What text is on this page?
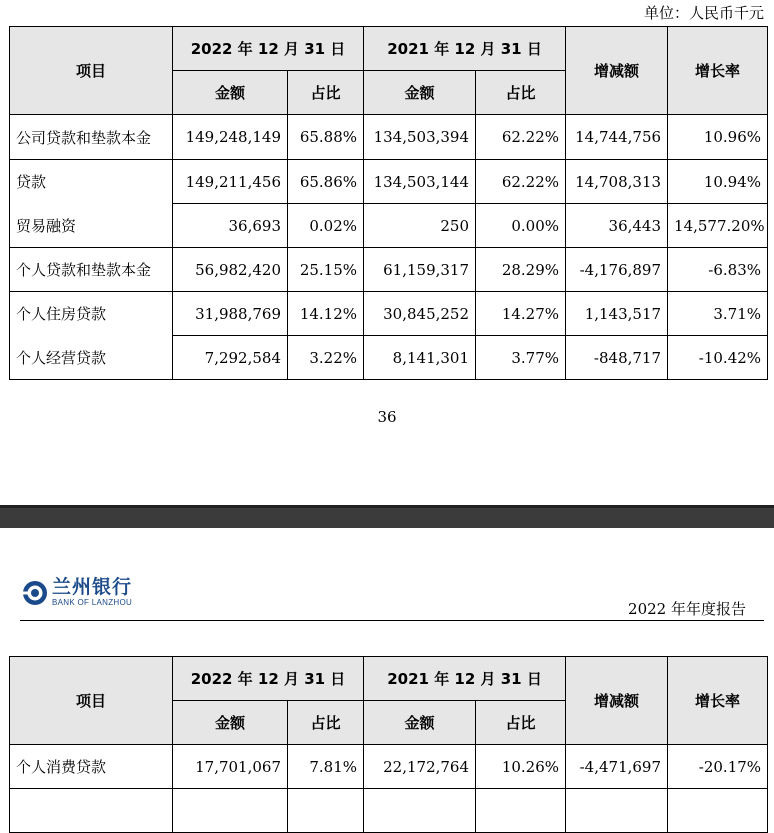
单位：人民币千元
项目	2022 年 12 月 31 日		2021 年 12 月 31 日		增减额	增长率
	金额	占比	金额	占比		
公司贷款和垫款本金	149,248,149	65.88%	134,503,394	62.22%	14,744,756	10.96%
贷款	149,211,456	65.86%	134,503,144	62.22%	14,708,313	10.94%
贸易融资	36,693	0.02%	250	0.00%	36,443	14,577.20%
个人贷款和垫款本金	56,982,420	25.15%	61,159,317	28.29%	-4,176,897	-6.83%
个人住房贷款	31,988,769	14.12%	30,845,252	14.27%	1,143,517	3.71%
个人经营贷款	7,292,584	3.22%	8,141,301	3.77%	-848,717	-10.42%
36
兰州银行
BANK OF LANZHOU	2022 年年度报告
项目	2022 年 12 月 31 日		2021 年 12 月 31 日		增减额	增长率
	金额	占比	金额	占比		
个人消费贷款	17,701,067	7.81%	22,172,764	10.26%	-4,471,697	-20.17%
